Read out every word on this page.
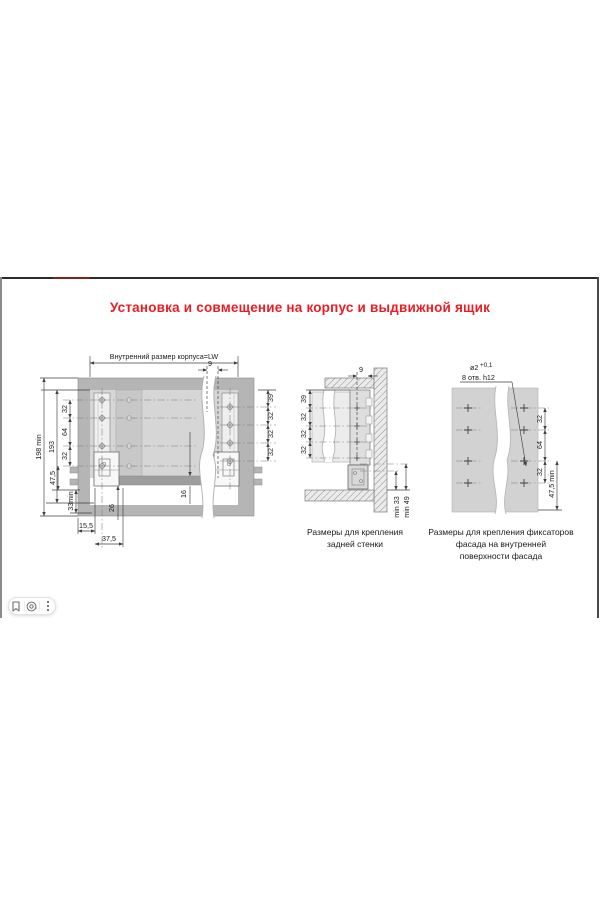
Установка и совмещение на корпус и выдвижной ящик
Внутренний размер корпуса=LW
9
198 min 193
32
64
32
47,5
33min
15,5
37,5
26
16
39
32
32
32
9
39
32
32
32
min 33 min 49
ø2 +0,1
8 отв. h12
32
64
32 47,5 min
Размеры для крепления
задней стенки
Размеры для крепления фиксаторов
фасада на внутренней
поверхности фасада
